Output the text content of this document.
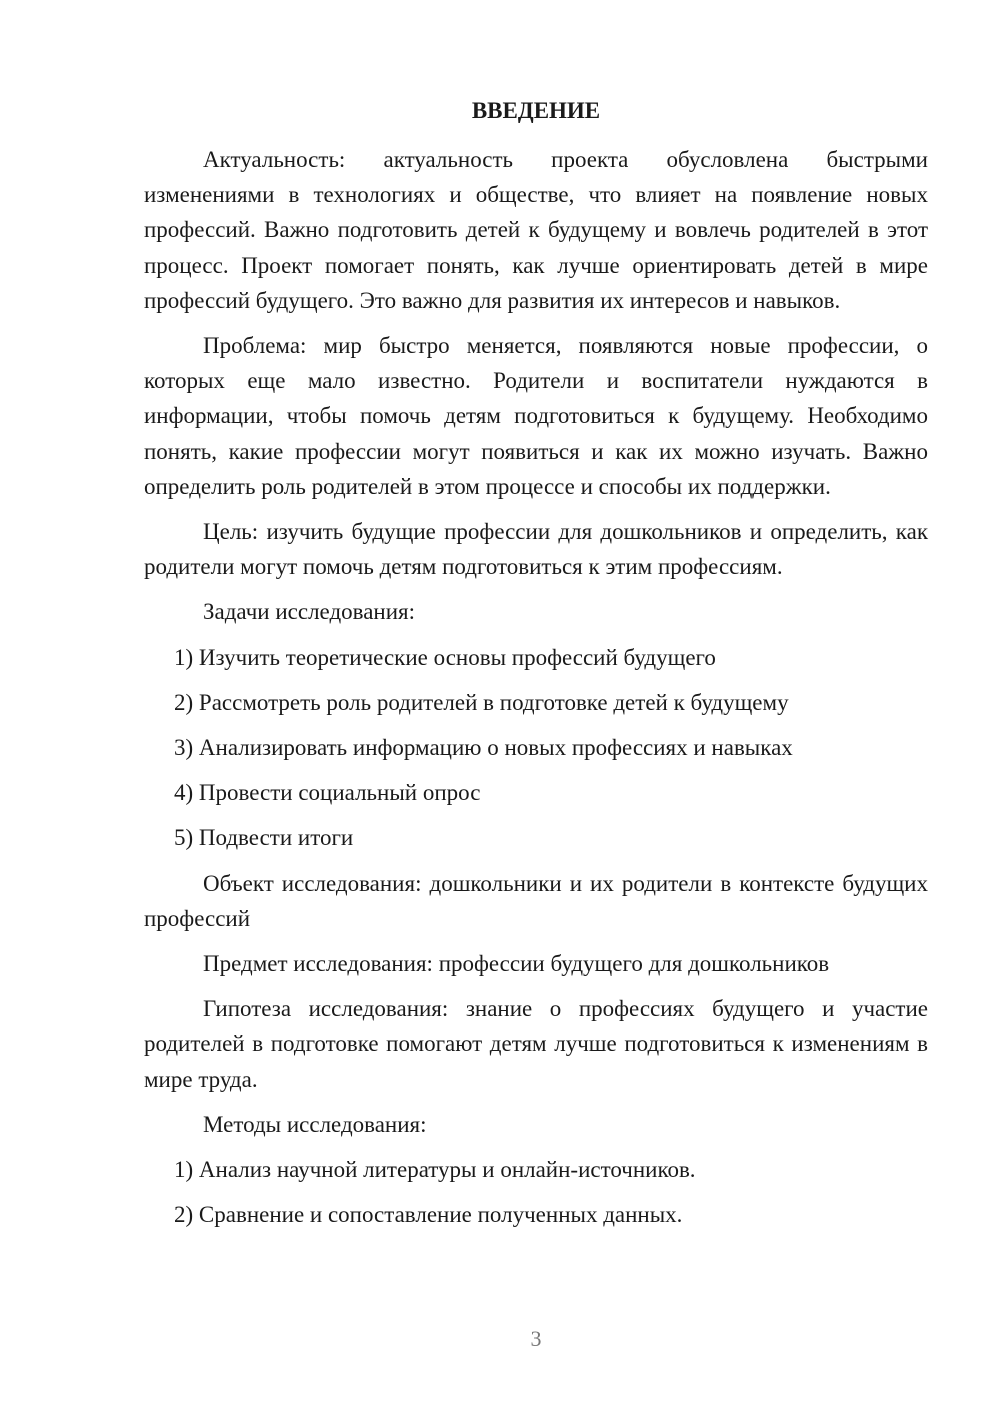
ВВЕДЕНИЕ

Актуальность: актуальность проекта обусловлена быстрыми изменениями в технологиях и обществе, что влияет на появление новых профессий. Важно подготовить детей к будущему и вовлечь родителей в этот процесс. Проект помогает понять, как лучше ориентировать детей в мире профессий будущего. Это важно для развития их интересов и навыков.

Проблема: мир быстро меняется, появляются новые профессии, о которых еще мало известно. Родители и воспитатели нуждаются в информации, чтобы помочь детям подготовиться к будущему. Необходимо понять, какие профессии могут появиться и как их можно изучать. Важно определить роль родителей в этом процессе и способы их поддержки.

Цель: изучить будущие профессии для дошкольников и определить, как родители могут помочь детям подготовиться к этим профессиям.

Задачи исследования:

1) Изучить теоретические основы профессий будущего

2) Рассмотреть роль родителей в подготовке детей к будущему

3) Анализировать информацию о новых профессиях и навыках

4) Провести социальный опрос

5) Подвести итоги

Объект исследования: дошкольники и их родители в контексте будущих профессий

Предмет исследования: профессии будущего для дошкольников

Гипотеза исследования: знание о профессиях будущего и участие родителей в подготовке помогают детям лучше подготовиться к изменениям в мире труда.

Методы исследования:

1) Анализ научной литературы и онлайн-источников.

2) Сравнение и сопоставление полученных данных.

3
